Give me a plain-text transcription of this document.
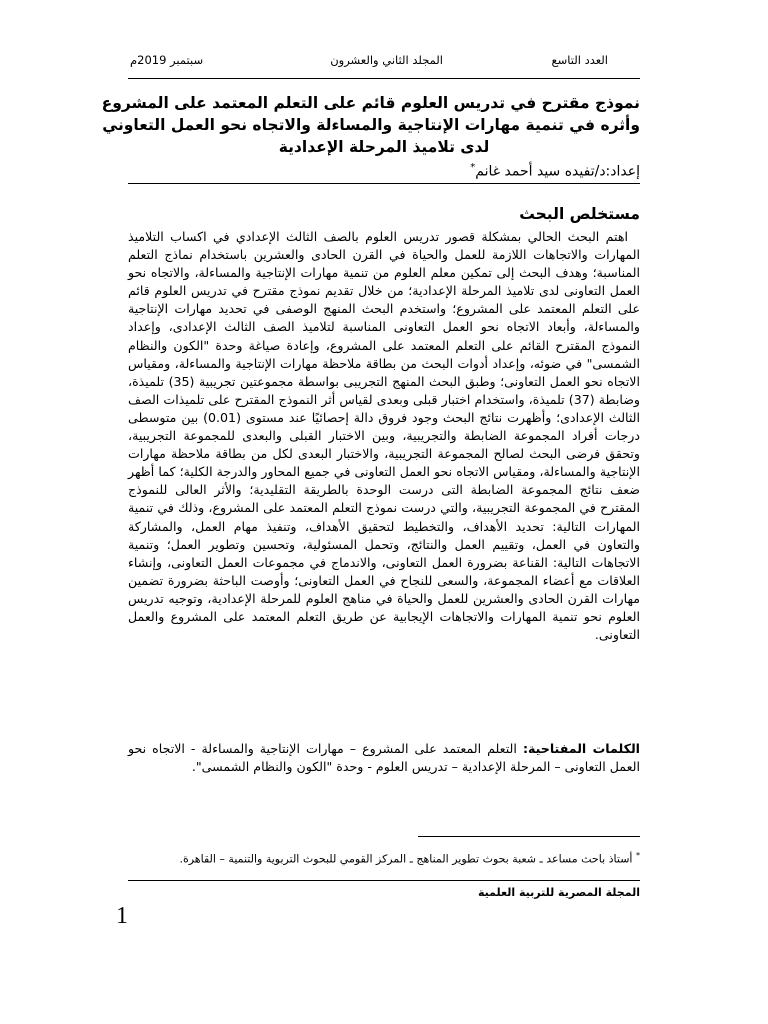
العدد التاسع
المجلد الثاني والعشرون
سبتمبر 2019م
نموذج مقترح في تدريس العلوم قائم على التعلم المعتمد على المشروع
وأثره في تنمية مهارات الإنتاجية والمساءلة والاتجاه نحو العمل التعاوني
لدى تلاميذ المرحلة الإعدادية
إعداد:د/تفيده سيد أحمد غانم*
مستخلص البحث

اهتم البحث الحالي بمشكلة قصور تدريس العلوم بالصف الثالث الإعدادي في اكساب التلاميذ المهارات والاتجاهات اللازمة للعمل والحياة في القرن الحادى والعشرين باستخدام نماذج التعلم المناسبة؛ وهدف البحث إلى تمكين معلم العلوم من تنمية مهارات الإنتاجية والمساءلة، والاتجاه نحو العمل التعاونى لدى تلاميذ المرحلة الإعدادية؛ من خلال تقديم نموذج مقترح في تدريس العلوم قائم على التعلم المعتمد على المشروع؛ واستخدم البحث المنهج الوصفى في تحديد مهارات الإنتاجية والمساءلة، وأبعاد الاتجاه نحو العمل التعاونى المناسبة لتلاميذ الصف الثالث الإعدادى، وإعداد النموذج المقترح القائم على التعلم المعتمد على المشروع، وإعادة صياغة وحدة "الكون والنظام الشمسى" في ضوئه، وإعداد أدوات البحث من بطاقة ملاحظة مهارات الإنتاجية والمساءلة، ومقياس الاتجاه نحو العمل التعاونى؛ وطبق البحث المنهج التجريبى بواسطة مجموعتين تجريبية (35) تلميذة، وضابطة (37) تلميذة، واستخدام اختبار قبلى وبعدى لقياس أثر النموذج المقترح على تلميذات الصف الثالث الإعدادى؛ وأظهرت نتائج البحث وجود فروق دالة إحصائيًا عند مستوى (0.01) بين متوسطى درجات أفراد المجموعة الضابطة والتجريبية، وبين الاختبار القبلى والبعدى للمجموعة التجريبية، وتحقق فرضى البحث لصالح المجموعة التجريبية، والاختبار البعدى لكل من بطاقة ملاحظة مهارات الإنتاجية والمساءلة، ومقياس الاتجاه نحو العمل التعاونى في جميع المحاور والدرجة الكلية؛ كما أظهر ضعف نتائج المجموعة الضابطة التى درست الوحدة بالطريقة التقليدية؛ والأثر العالى للنموذج المقترح في المجموعة التجريبية، والتي درست نموذج التعلم المعتمد على المشروع، وذلك في تنمية المهارات التالية: تحديد الأهداف، والتخطيط لتحقيق الأهداف، وتنفيذ مهام العمل، والمشاركة والتعاون في العمل، وتقييم العمل والنتائج، وتحمل المسئولية، وتحسين وتطوير العمل؛ وتنمية الاتجاهات التالية: القناعة بضرورة العمل التعاونى، والاندماج في مجموعات العمل التعاونى، وإنشاء العلاقات مع أعضاء المجموعة، والسعى للنجاح في العمل التعاونى؛ وأوصت الباحثة بضرورة تضمين مهارات القرن الحادى والعشرين للعمل والحياة في مناهج العلوم للمرحلة الإعدادية، وتوجيه تدريس العلوم نحو تنمية المهارات والاتجاهات الإيجابية عن طريق التعلم المعتمد على المشروع والعمل التعاونى.

الكلمات المفتاحية: التعلم المعتمد على المشروع – مهارات الإنتاجية والمساءلة - الاتجاه نحو العمل التعاونى – المرحلة الإعدادية – تدريس العلوم - وحدة "الكون والنظام الشمسى".

* أستاذ باحث مساعد ـ شعبة بحوث تطوير المناهج ـ المركز القومي للبحوث التربوية والتنمية – القاهرة.
المجلة المصرية للتربية العلمية
1
